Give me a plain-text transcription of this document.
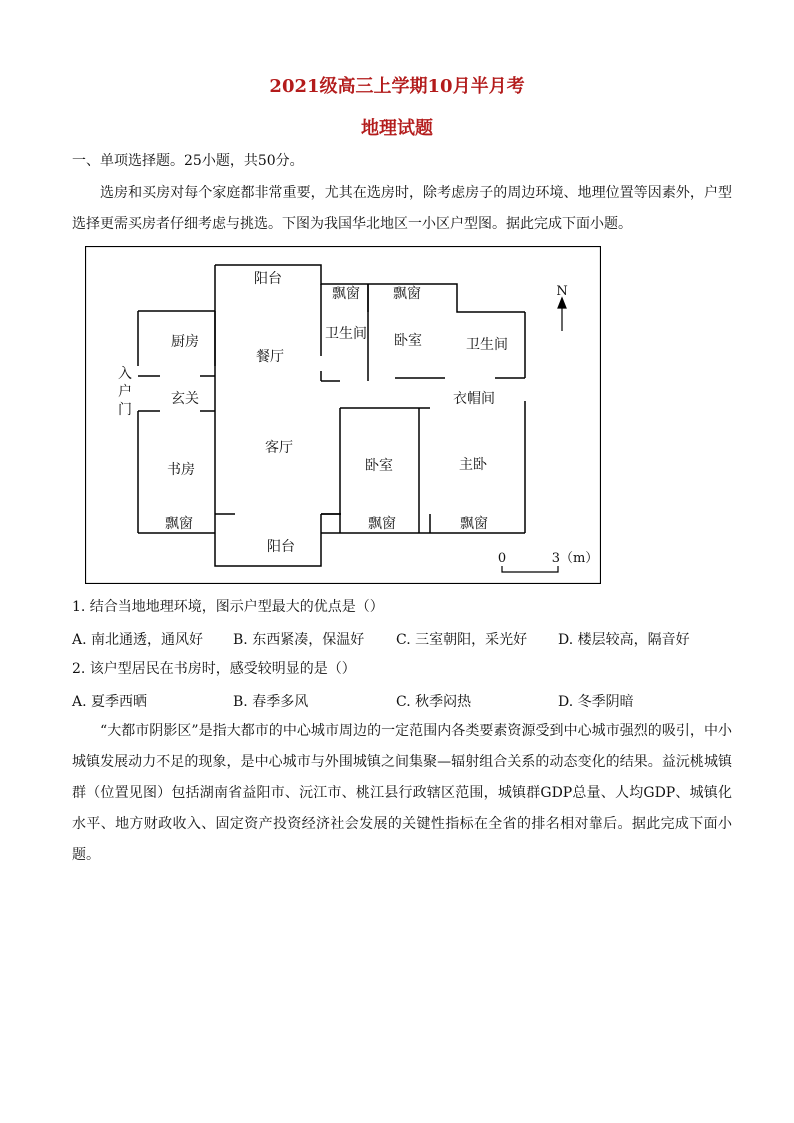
2021级高三上学期10月半月考
地理试题

一、单项选择题。25小题，共50分。

选房和买房对每个家庭都非常重要，尤其在选房时，除考虑房子的周边环境、地理位置等因素外，户型选择更需买房者仔细考虑与挑选。下图为我国华北地区一小区户型图。据此完成下面小题。

阳台
飘窗 飘窗
厨房
餐厅
卫生间 卧室	卫生间
入
户
门
玄关	衣帽间
客厅
书房	卧室	主卧
飘窗	飘窗	飘窗
阳台
N
0	3（m）

1. 结合当地地理环境，图示户型最大的优点是（）

A. 南北通透，通风好 B. 东西紧凑，保温好 C. 三室朝阳，采光好 D. 楼层较高，隔音好

2. 该户型居民在书房时，感受较明显的是（）

A. 夏季西晒	B. 春季多风	C. 秋季闷热	D. 冬季阴暗

“大都市阴影区”是指大都市的中心城市周边的一定范围内各类要素资源受到中心城市强烈的吸引，中小城镇发展动力不足的现象，是中心城市与外围城镇之间集聚—辐射组合关系的动态变化的结果。益沅桃城镇群（位置见图）包括湖南省益阳市、沅江市、桃江县行政辖区范围，城镇群GDP总量、人均GDP、城镇化水平、地方财政收入、固定资产投资经济社会发展的关键性指标在全省的排名相对靠后。据此完成下面小题。
